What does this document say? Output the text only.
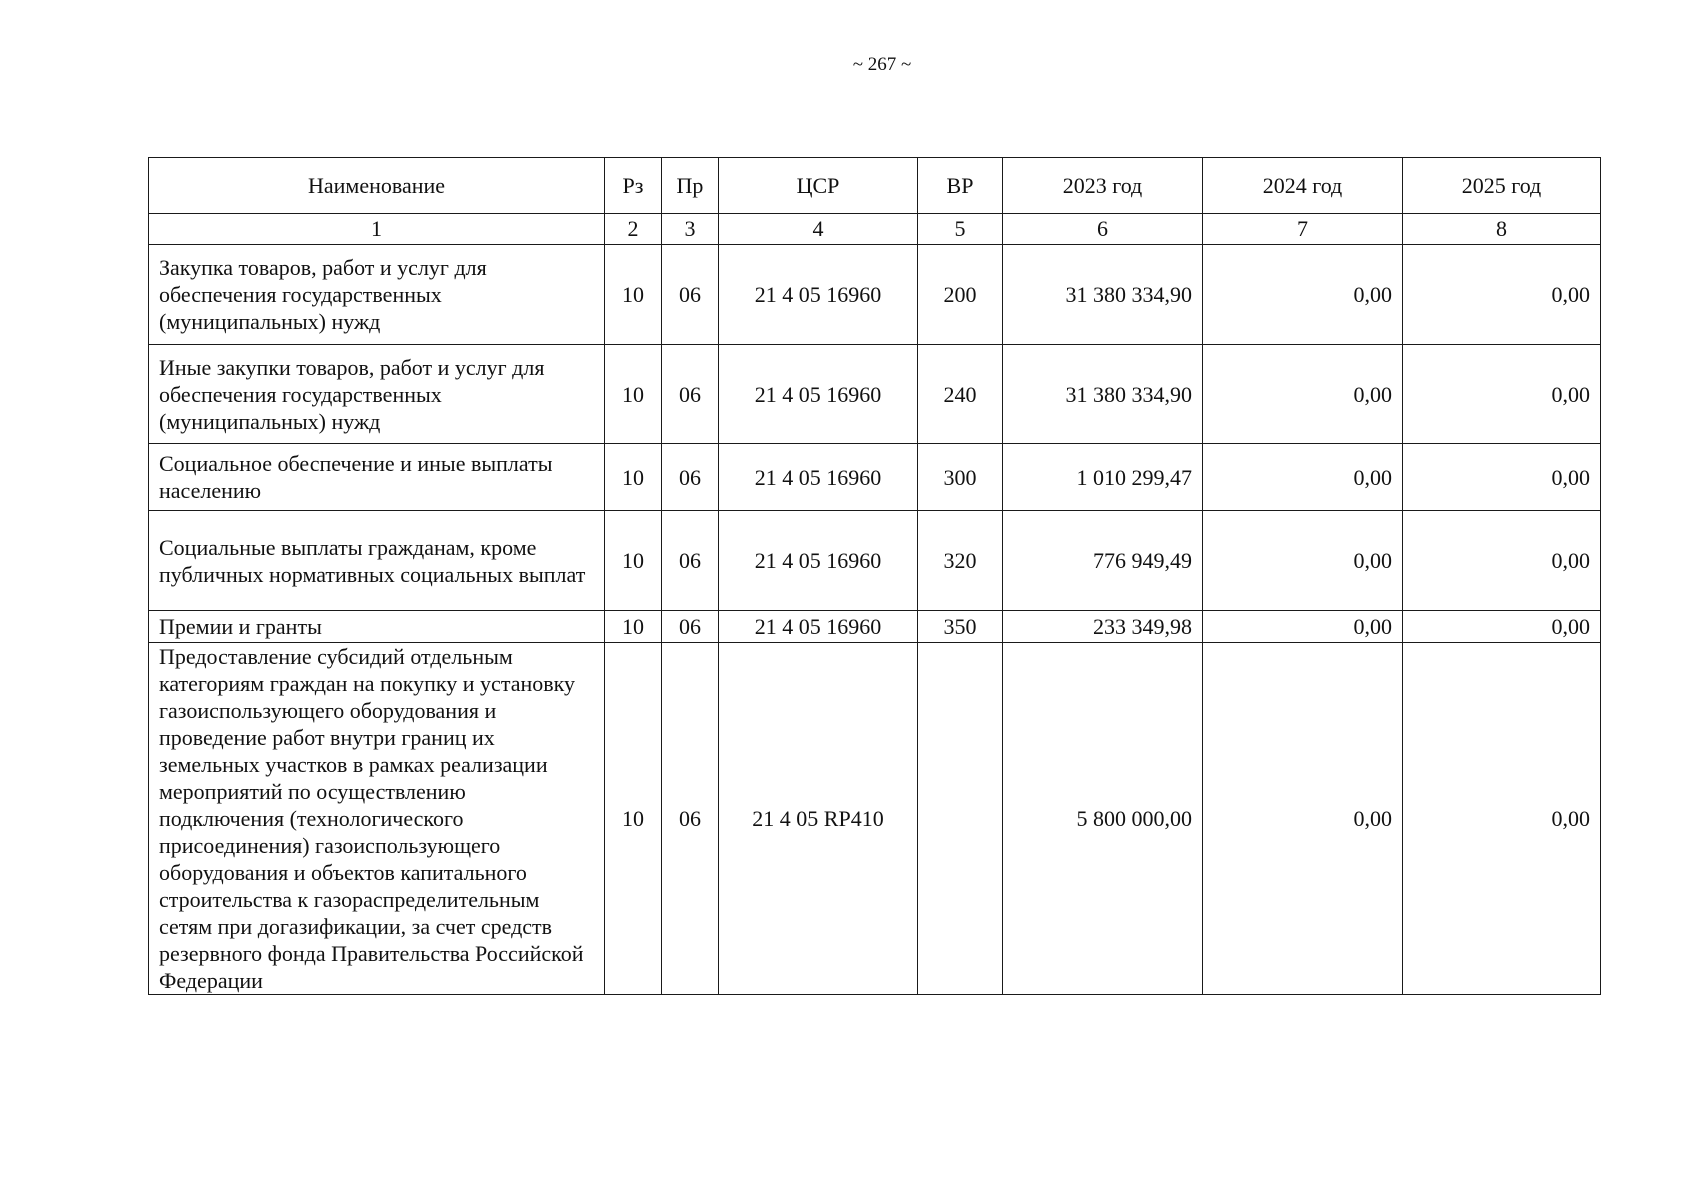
~ 267 ~
Наименование	Рз	Пр	ЦСР	ВР	2023 год	2024 год	2025 год
1	2	3	4	5	6	7	8
Закупка товаров, работ и услуг для обеспечения государственных (муниципальных) нужд	10	06	21 4 05 16960	200	31 380 334,90	0,00	0,00
Иные закупки товаров, работ и услуг для обеспечения государственных (муниципальных) нужд	10	06	21 4 05 16960	240	31 380 334,90	0,00	0,00
Социальное обеспечение и иные выплаты населению	10	06	21 4 05 16960	300	1 010 299,47	0,00	0,00
Социальные выплаты гражданам, кроме публичных нормативных социальных выплат	10	06	21 4 05 16960	320	776 949,49	0,00	0,00
Премии и гранты	10	06	21 4 05 16960	350	233 349,98	0,00	0,00
Предоставление субсидий отдельным категориям граждан на покупку и установку газоиспользующего оборудования и проведение работ внутри границ их земельных участков в рамках реализации мероприятий по осуществлению подключения (технологического присоединения) газоиспользующего оборудования и объектов капитального строительства к газораспределительным сетям при догазификации, за счет средств резервного фонда Правительства Российской Федерации	10	06	21 4 05 RP410		5 800 000,00	0,00	0,00
